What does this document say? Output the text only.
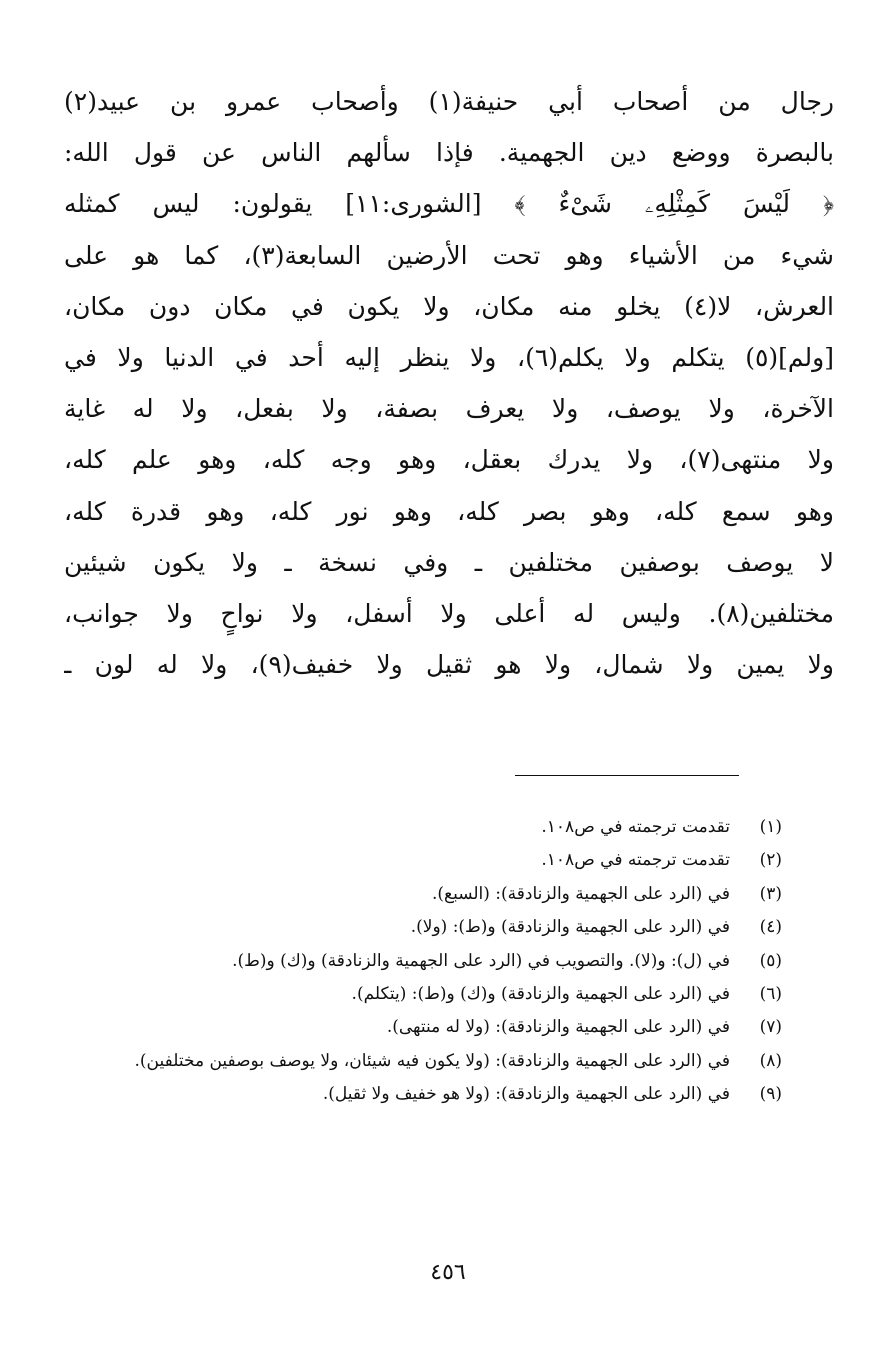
رجال من أصحاب أبي حنيفة(١) وأصحاب عمرو بن عبيد(٢)
بالبصرة ووضع دين الجهمية. فإذا سألهم الناس عن قول الله:
﴿ لَيْسَ كَمِثْلِهِۦ شَىْءٌ ﴾ [الشورى:١١] يقولون: ليس كمثله
شيء من الأشياء وهو تحت الأرضين السابعة(٣)، كما هو على
العرش، لا(٤) يخلو منه مكان، ولا يكون في مكان دون مكان،
[ولم](٥) يتكلم ولا يكلم(٦)، ولا ينظر إليه أحد في الدنيا ولا في
الآخرة، ولا يوصف، ولا يعرف بصفة، ولا بفعل، ولا له غاية
ولا منتهى(٧)، ولا يدرك بعقل، وهو وجه كله، وهو علم كله،
وهو سمع كله، وهو بصر كله، وهو نور كله، وهو قدرة كله،
لا يوصف بوصفين مختلفين ـ وفي نسخة ـ ولا يكون شيئين
مختلفين(٨). وليس له أعلى ولا أسفل، ولا نواحٍ ولا جوانب،
ولا يمين ولا شمال، ولا هو ثقيل ولا خفيف(٩)، ولا له لون ـ
(١)
تقدمت ترجمته في ص١٠٨.
(٢)
تقدمت ترجمته في ص١٠٨.
(٣)
في (الرد على الجهمية والزنادقة): (السبع).
(٤)
في (الرد على الجهمية والزنادقة) و(ط): (ولا).
(٥)
في (ل): و(لا). والتصويب في (الرد على الجهمية والزنادقة) و(ك) و(ط).
(٦)
في (الرد على الجهمية والزنادقة) و(ك) و(ط): (يتكلم).
(٧)
في (الرد على الجهمية والزنادقة): (ولا له منتهى).
(٨)
في (الرد على الجهمية والزنادقة): (ولا يكون فيه شيئان، ولا يوصف بوصفين مختلفين).
(٩)
في (الرد على الجهمية والزنادقة): (ولا هو خفيف ولا ثقيل).
٤٥٦
